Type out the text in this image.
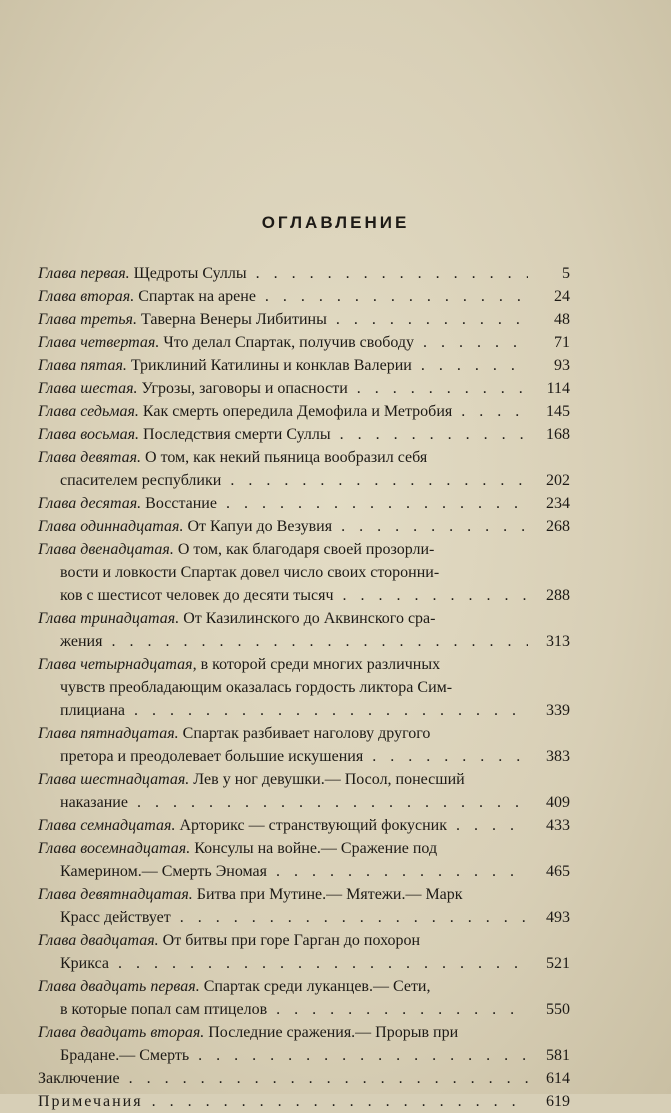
ОГЛАВЛЕНИЕ
Глава первая. Щедроты Суллы . . .	5
Глава вторая. Спартак на арене . . .	24
Глава третья. Таверна Венеры Либитины . . .	48
Глава четвертая. Что делал Спартак, получив свободу . . .	71
Глава пятая. Триклиний Катилины и конклав Валерии . . .	93
Глава шестая. Угрозы, заговоры и опасности . . .	114
Глава седьмая. Как смерть опередила Демофила и Метробия . . .	145
Глава восьмая. Последствия смерти Суллы . . .	168
Глава девятая. О том, как некий пьяница вообразил себя
спасителем республики . . .	202
Глава десятая. Восстание . . .	234
Глава одиннадцатая. От Капуи до Везувия . . .	268
Глава двенадцатая. О том, как благодаря своей прозорли-
вости и ловкости Спартак довел число своих сторонни-
ков с шестисот человек до десяти тысяч . . .	288
Глава тринадцатая. От Казилинского до Аквинского сра-
жения . . .	313
Глава четырнадцатая, в которой среди многих различных
чувств преобладающим оказалась гордость ликтора Сим-
плициана . . .	339
Глава пятнадцатая. Спартак разбивает наголову другого
претора и преодолевает большие искушения . . .	383
Глава шестнадцатая. Лев у ног девушки.— Посол, понесший
наказание . . .	409
Глава семнадцатая. Арторикс — странствующий фокусник . . .	433
Глава восемнадцатая. Консулы на войне.— Сражение под
Камерином.— Смерть Эномая . . .	465
Глава девятнадцатая. Битва при Мутине.— Мятежи.— Марк
Красс действует . . .	493
Глава двадцатая. От битвы при горе Гарган до похорон
Крикса . . .	521
Глава двадцать первая. Спартак среди луканцев.— Сети,
в которые попал сам птицелов . . .	550
Глава двадцать вторая. Последние сражения.— Прорыв при
Брадане.— Смерть . . .	581
Заключение . . .	614
Примечания . . .	619
